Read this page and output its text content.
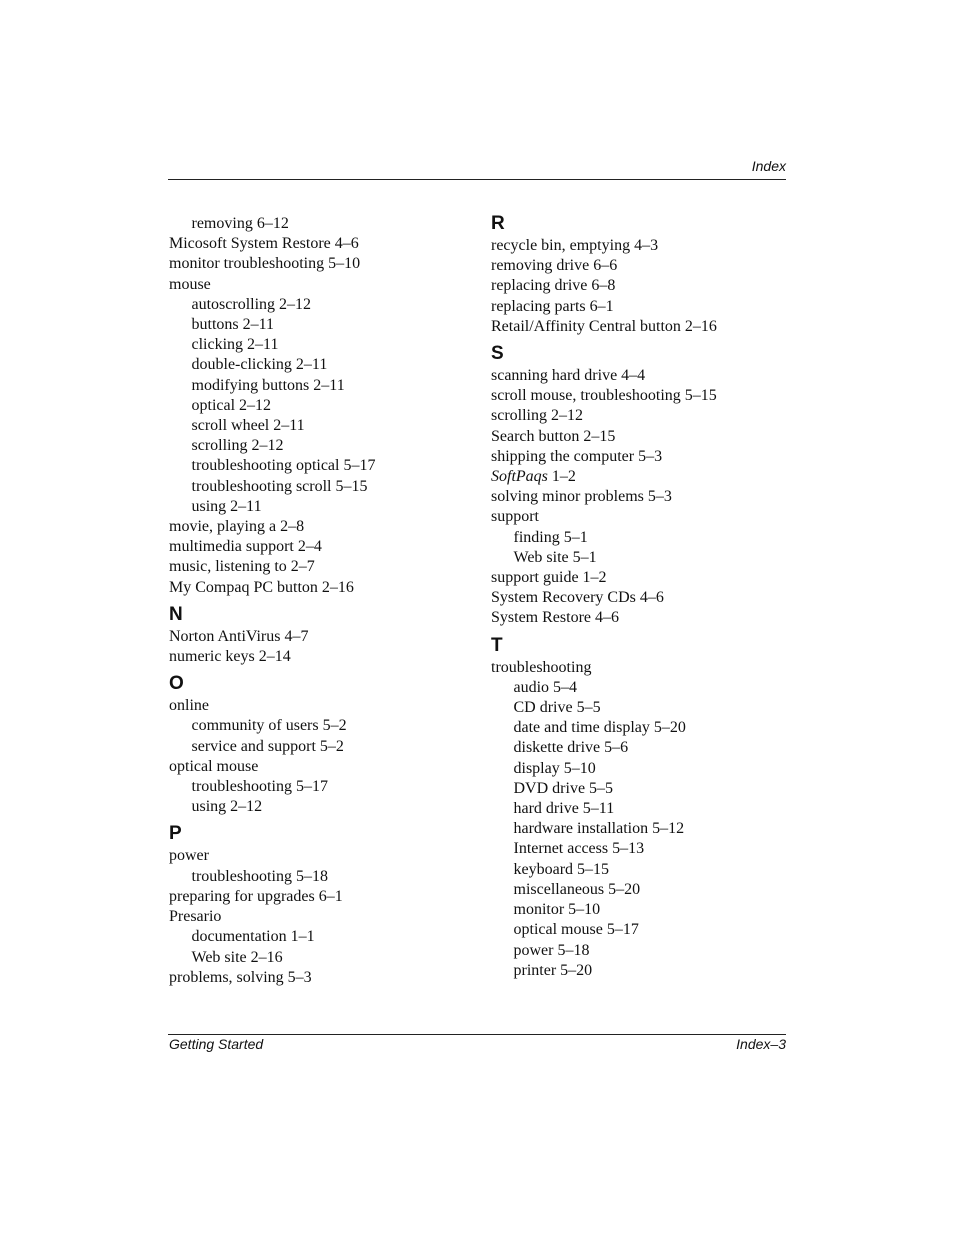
Index
removing 6–12
Micosoft System Restore 4–6
monitor troubleshooting 5–10
mouse
autoscrolling 2–12
buttons 2–11
clicking 2–11
double-clicking 2–11
modifying buttons 2–11
optical 2–12
scroll wheel 2–11
scrolling 2–12
troubleshooting optical 5–17
troubleshooting scroll 5–15
using 2–11
movie, playing a 2–8
multimedia support 2–4
music, listening to 2–7
My Compaq PC button 2–16
N
Norton AntiVirus 4–7
numeric keys 2–14
O
online
community of users 5–2
service and support 5–2
optical mouse
troubleshooting 5–17
using 2–12
P
power
troubleshooting 5–18
preparing for upgrades 6–1
Presario
documentation 1–1
Web site 2–16
problems, solving 5–3
R
recycle bin, emptying 4–3
removing drive 6–6
replacing drive 6–8
replacing parts 6–1
Retail/Affinity Central button 2–16
S
scanning hard drive 4–4
scroll mouse, troubleshooting 5–15
scrolling 2–12
Search button 2–15
shipping the computer 5–3
SoftPaqs 1–2
solving minor problems 5–3
support
finding 5–1
Web site 5–1
support guide 1–2
System Recovery CDs 4–6
System Restore 4–6
T
troubleshooting
audio 5–4
CD drive 5–5
date and time display 5–20
diskette drive 5–6
display 5–10
DVD drive 5–5
hard drive 5–11
hardware installation 5–12
Internet access 5–13
keyboard 5–15
miscellaneous 5–20
monitor 5–10
optical mouse 5–17
power 5–18
printer 5–20
Getting Started	Index–3
